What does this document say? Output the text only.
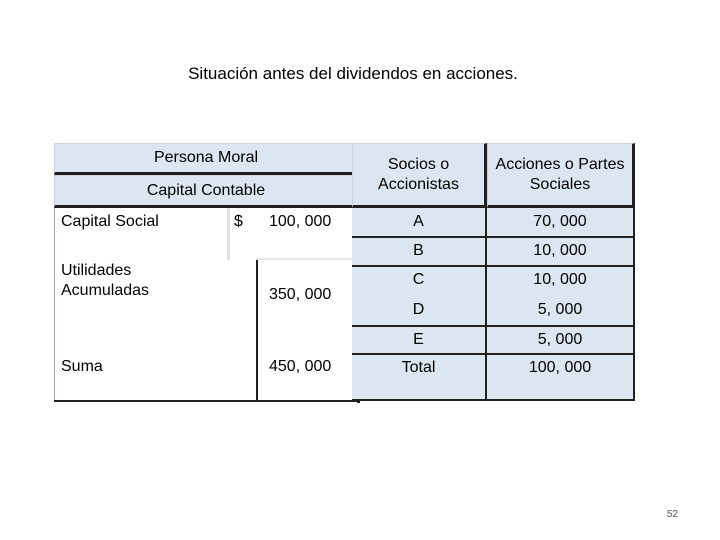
Situación antes del dividendos en acciones.
Persona Moral
Capital Contable
Capital Social	$	100, 000
Utilidades
Acumuladas	350, 000
Suma	450, 000
Socios o Accionistas
Acciones o Partes Sociales
A	70, 000
B	10, 000
C	10, 000
D	5, 000
E	5, 000
Total	100, 000
52
